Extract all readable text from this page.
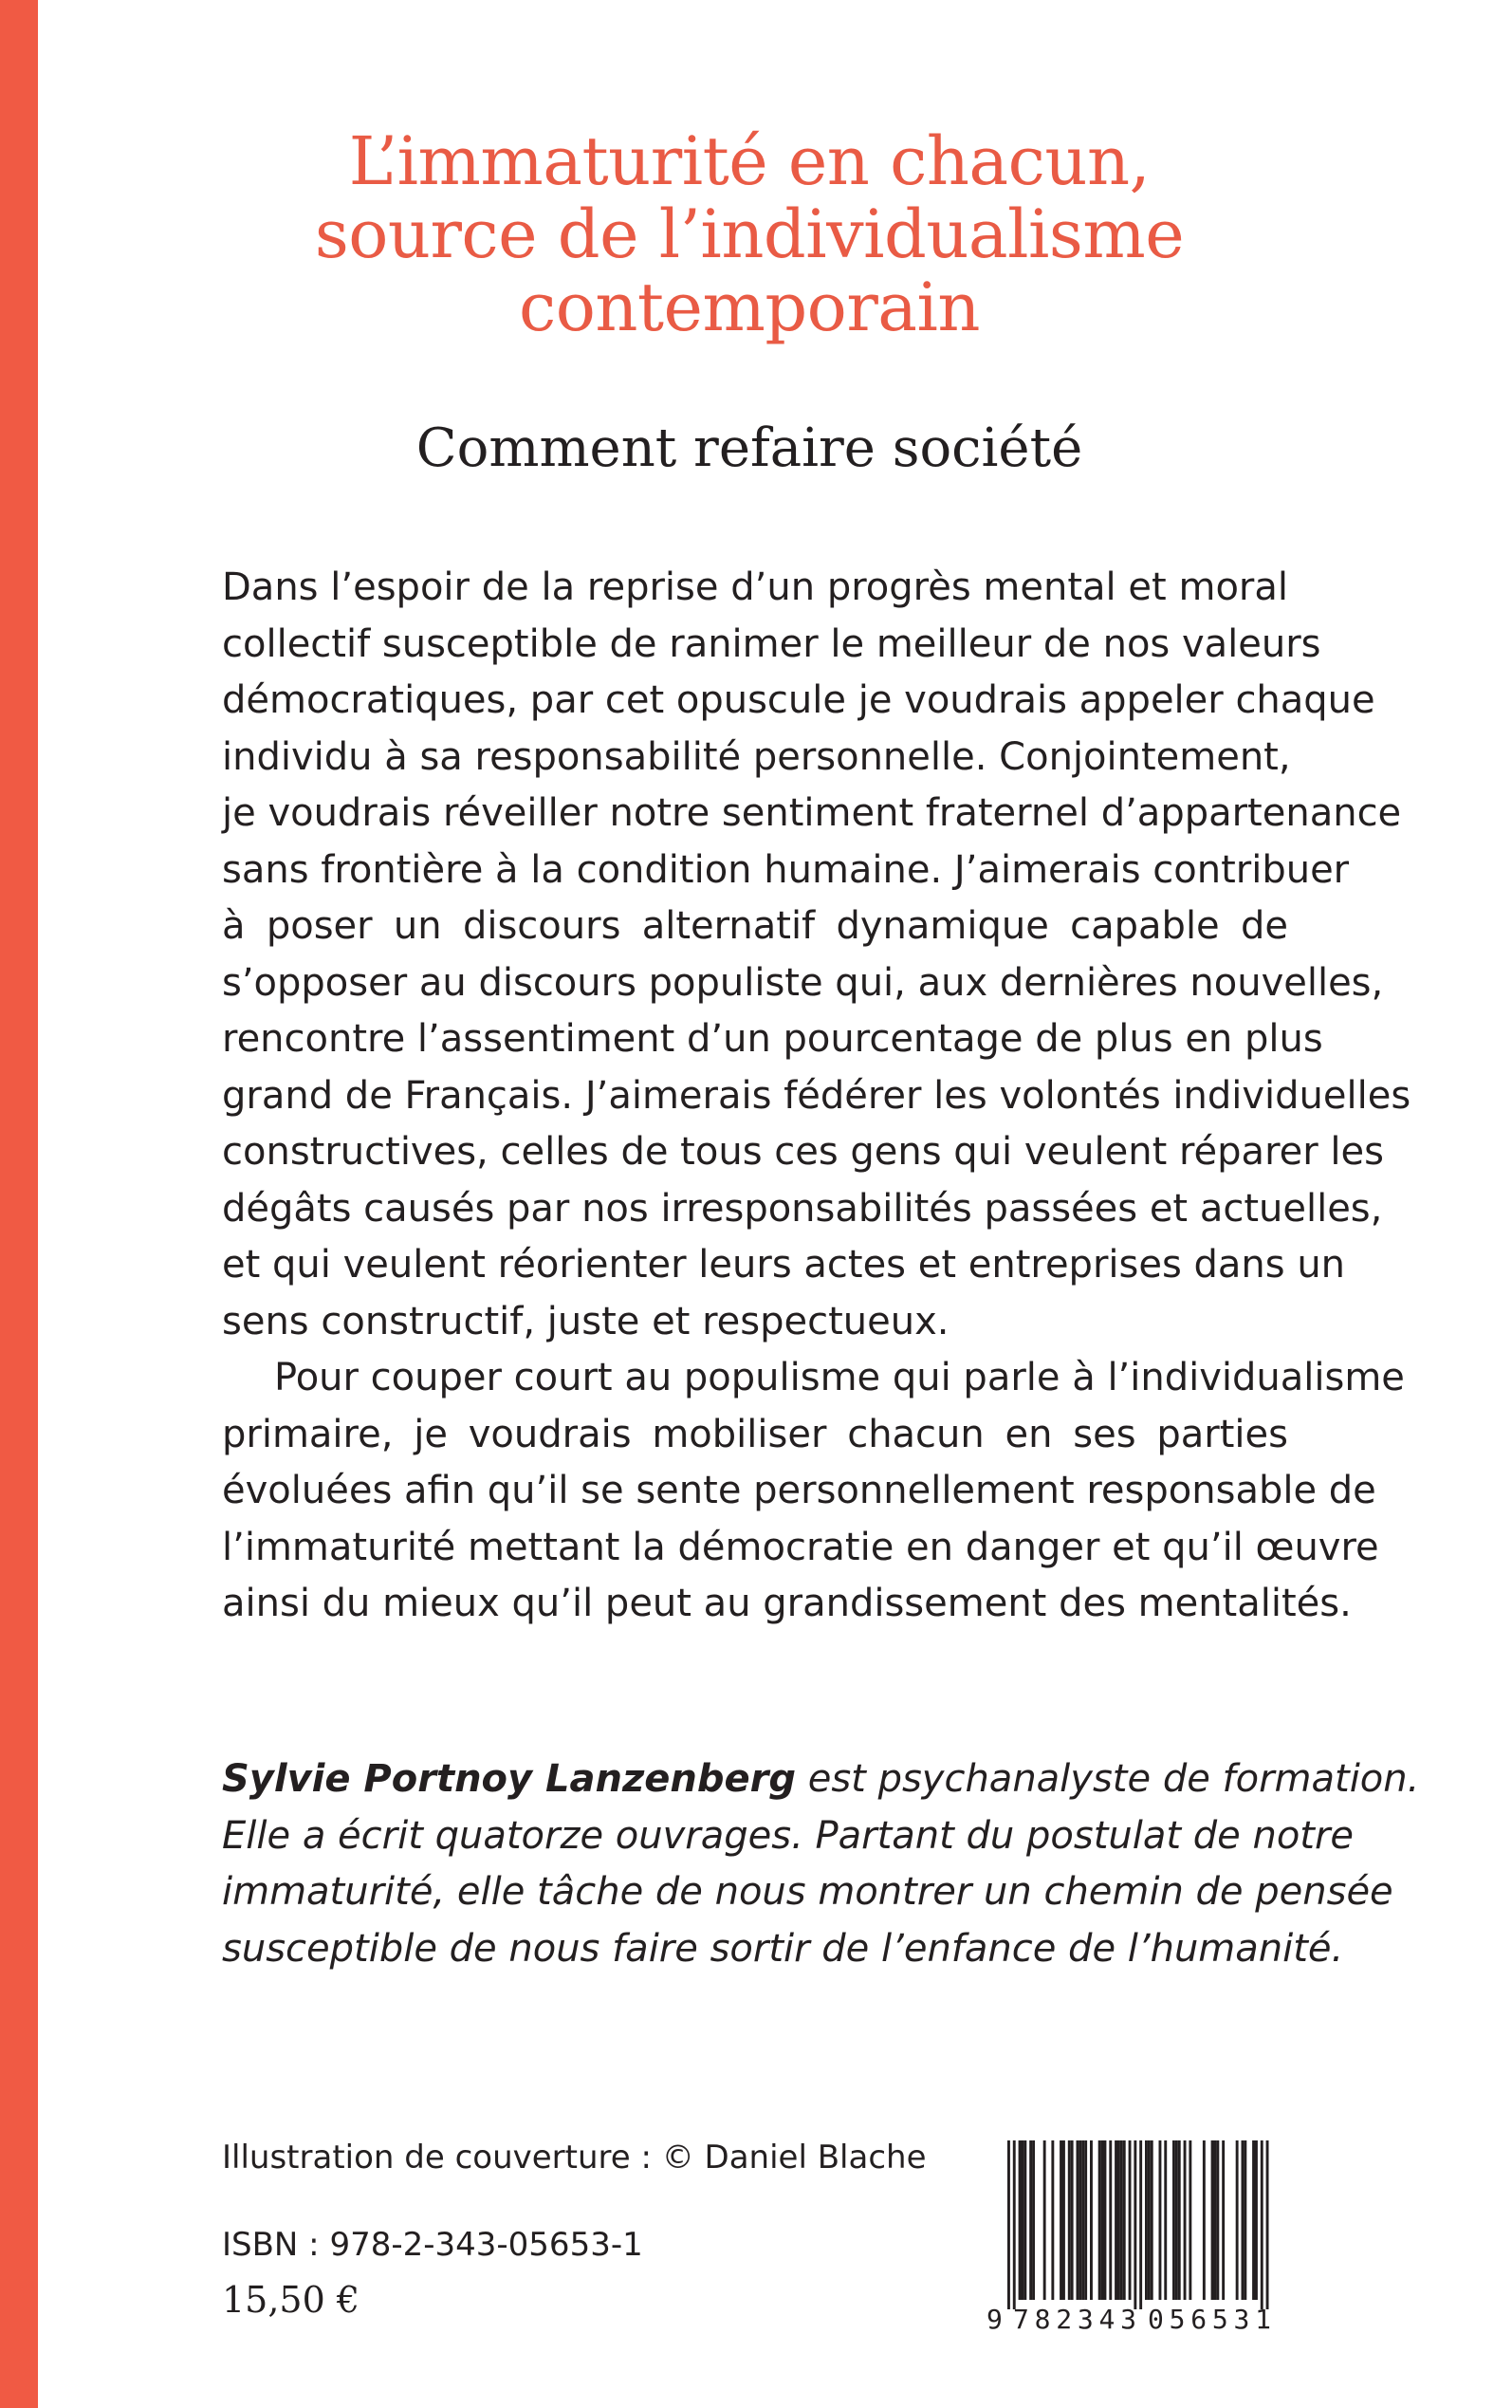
L’immaturité en chacun,
source de l’individualisme
contemporain
Comment refaire société
Dans l’espoir de la reprise d’un progrès mental et moral
collectif susceptible de ranimer le meilleur de nos valeurs
démocratiques, par cet opuscule je voudrais appeler chaque
individu à sa responsabilité personnelle. Conjointement,
je voudrais réveiller notre sentiment fraternel d’appartenance
sans frontière à la condition humaine. J’aimerais contribuer
à poser un discours alternatif dynamique capable de
s’opposer au discours populiste qui, aux dernières nouvelles,
rencontre l’assentiment d’un pourcentage de plus en plus
grand de Français. J’aimerais fédérer les volontés individuelles
constructives, celles de tous ces gens qui veulent réparer les
dégâts causés par nos irresponsabilités passées et actuelles,
et qui veulent réorienter leurs actes et entreprises dans un
sens constructif, juste et respectueux.
Pour couper court au populisme qui parle à l’individualisme
primaire, je voudrais mobiliser chacun en ses parties
évoluées afin qu’il se sente personnellement responsable de
l’immaturité mettant la démocratie en danger et qu’il œuvre
ainsi du mieux qu’il peut au grandissement des mentalités.
Sylvie Portnoy Lanzenberg est psychanalyste de formation.
Elle a écrit quatorze ouvrages. Partant du postulat de notre
immaturité, elle tâche de nous montrer un chemin de pensée
susceptible de nous faire sortir de l’enfance de l’humanité.
Illustration de couverture : © Daniel Blache
ISBN : 978-2-343-05653-1
15,50 €	9 782343 056531
